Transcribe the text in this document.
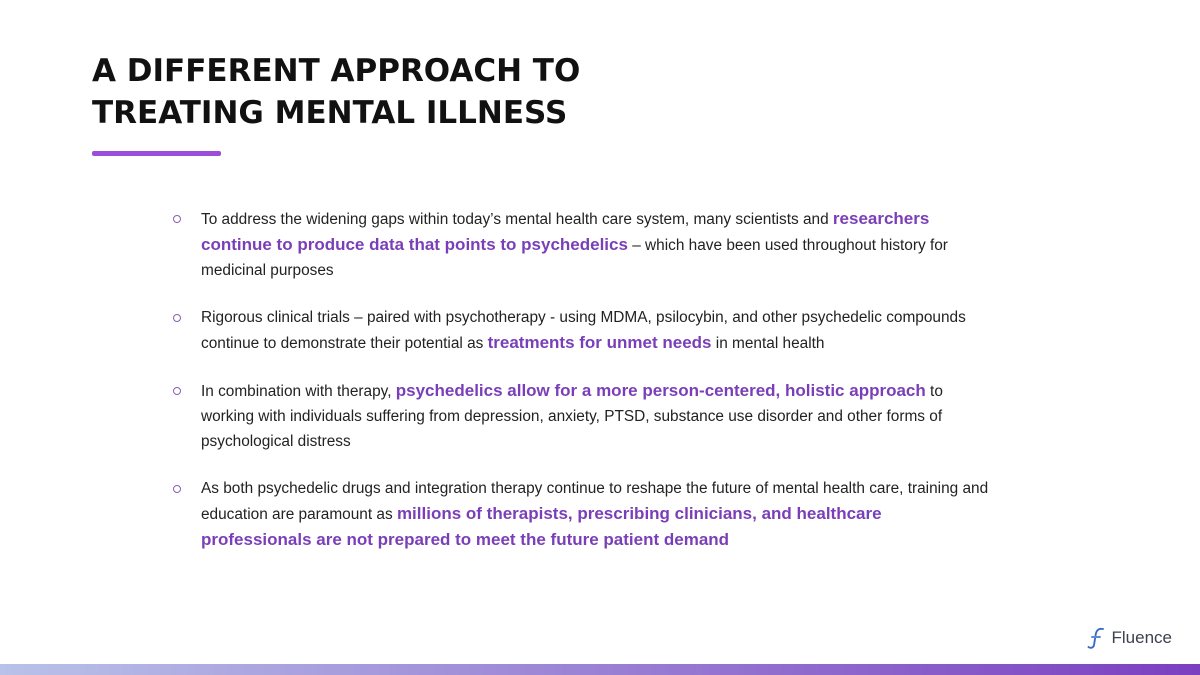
A DIFFERENT APPROACH TO
TREATING MENTAL ILLNESS
To address the widening gaps within today’s mental health care system, many scientists and researchers continue to produce data that points to psychedelics – which have been used throughout history for medicinal purposes
Rigorous clinical trials – paired with psychotherapy - using MDMA, psilocybin, and other psychedelic compounds continue to demonstrate their potential as treatments for unmet needs in mental health
In combination with therapy, psychedelics allow for a more person-centered, holistic approach to working with individuals suffering from depression, anxiety, PTSD, substance use disorder and other forms of psychological distress
As both psychedelic drugs and integration therapy continue to reshape the future of mental health care, training and education are paramount as millions of therapists, prescribing clinicians, and healthcare professionals are not prepared to meet the future patient demand
Fluence
